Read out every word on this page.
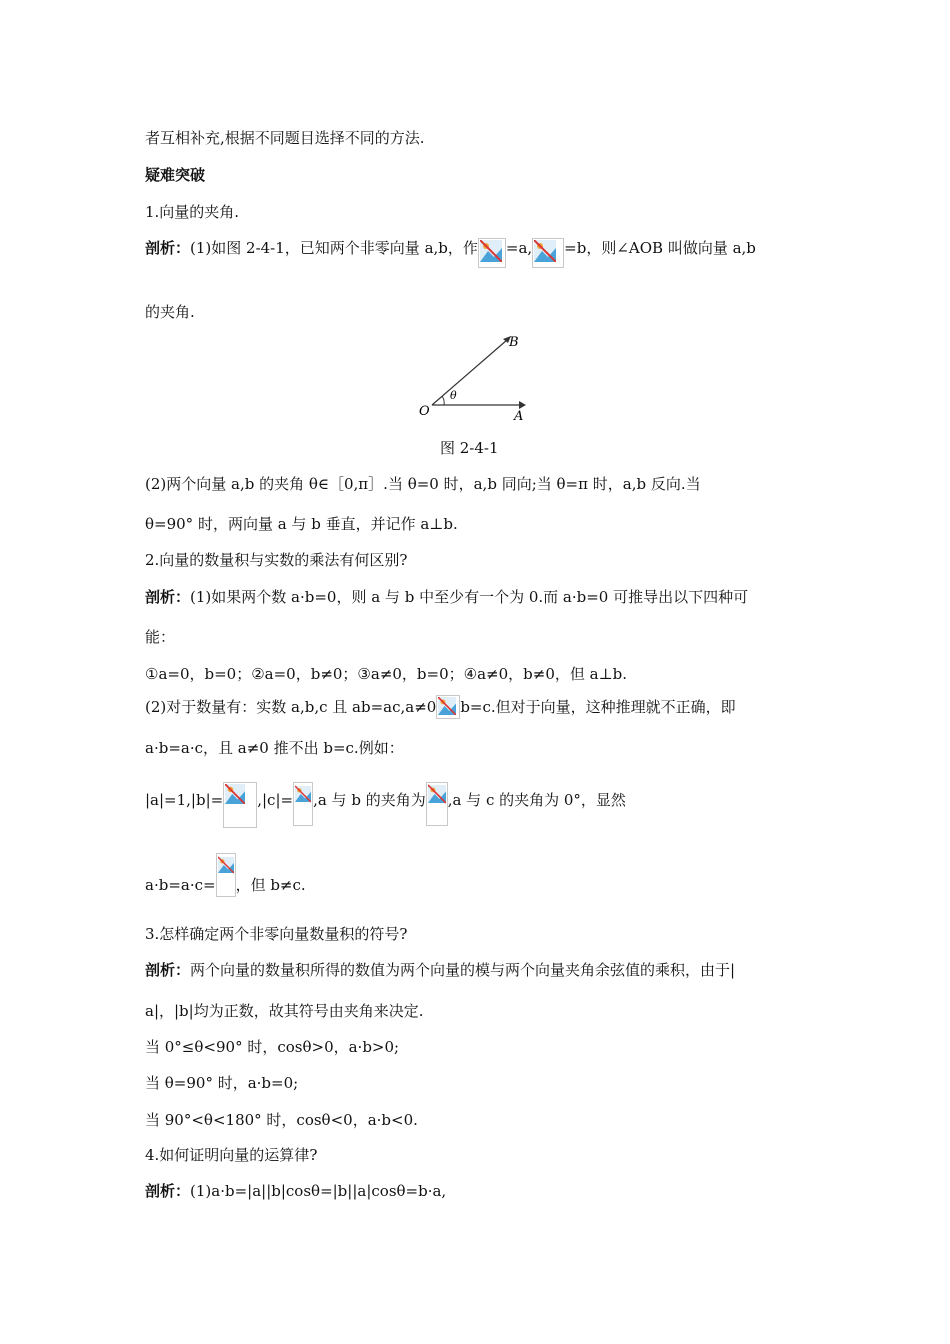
者互相补充,根据不同题目选择不同的方法.
疑难突破
1.向量的夹角.
剖析：(1)如图 2-4-1，已知两个非零向量 a,b，作 =a, =b，则∠AOB 叫做向量 a,b
的夹角.
O	A
B
θ
图 2-4-1
(2)两个向量 a,b 的夹角 θ∈［0,π］.当 θ=0 时，a,b 同向;当 θ=π 时，a,b 反向.当
θ=90° 时，两向量 a 与 b 垂直，并记作 a⊥b.
2.向量的数量积与实数的乘法有何区别?
剖析：(1)如果两个数 a·b=0，则 a 与 b 中至少有一个为 0.而 a·b=0 可推导出以下四种可
能：
①a=0，b=0；②a=0，b≠0；③a≠0，b=0；④a≠0，b≠0，但 a⊥b.
(2)对于数量有：实数 a,b,c 且 ab=ac,a≠0 b=c.但对于向量，这种推理就不正确，即
a·b=a·c，且 a≠0 推不出 b=c.例如：
|a|=1,|b|= ,|c|= ,a 与 b 的夹角为 ,a 与 c 的夹角为 0°，显然
a·b=a·c= ，但 b≠c.
3.怎样确定两个非零向量数量积的符号?
剖析：两个向量的数量积所得的数值为两个向量的模与两个向量夹角余弦值的乘积，由于|
a|，|b|均为正数，故其符号由夹角来决定.
当 0°≤θ<90° 时，cosθ>0，a·b>0;
当 θ=90° 时，a·b=0;
当 90°<θ<180° 时，cosθ<0，a·b<0.
4.如何证明向量的运算律?
剖析：(1)a·b=|a||b|cosθ=|b||a|cosθ=b·a,
